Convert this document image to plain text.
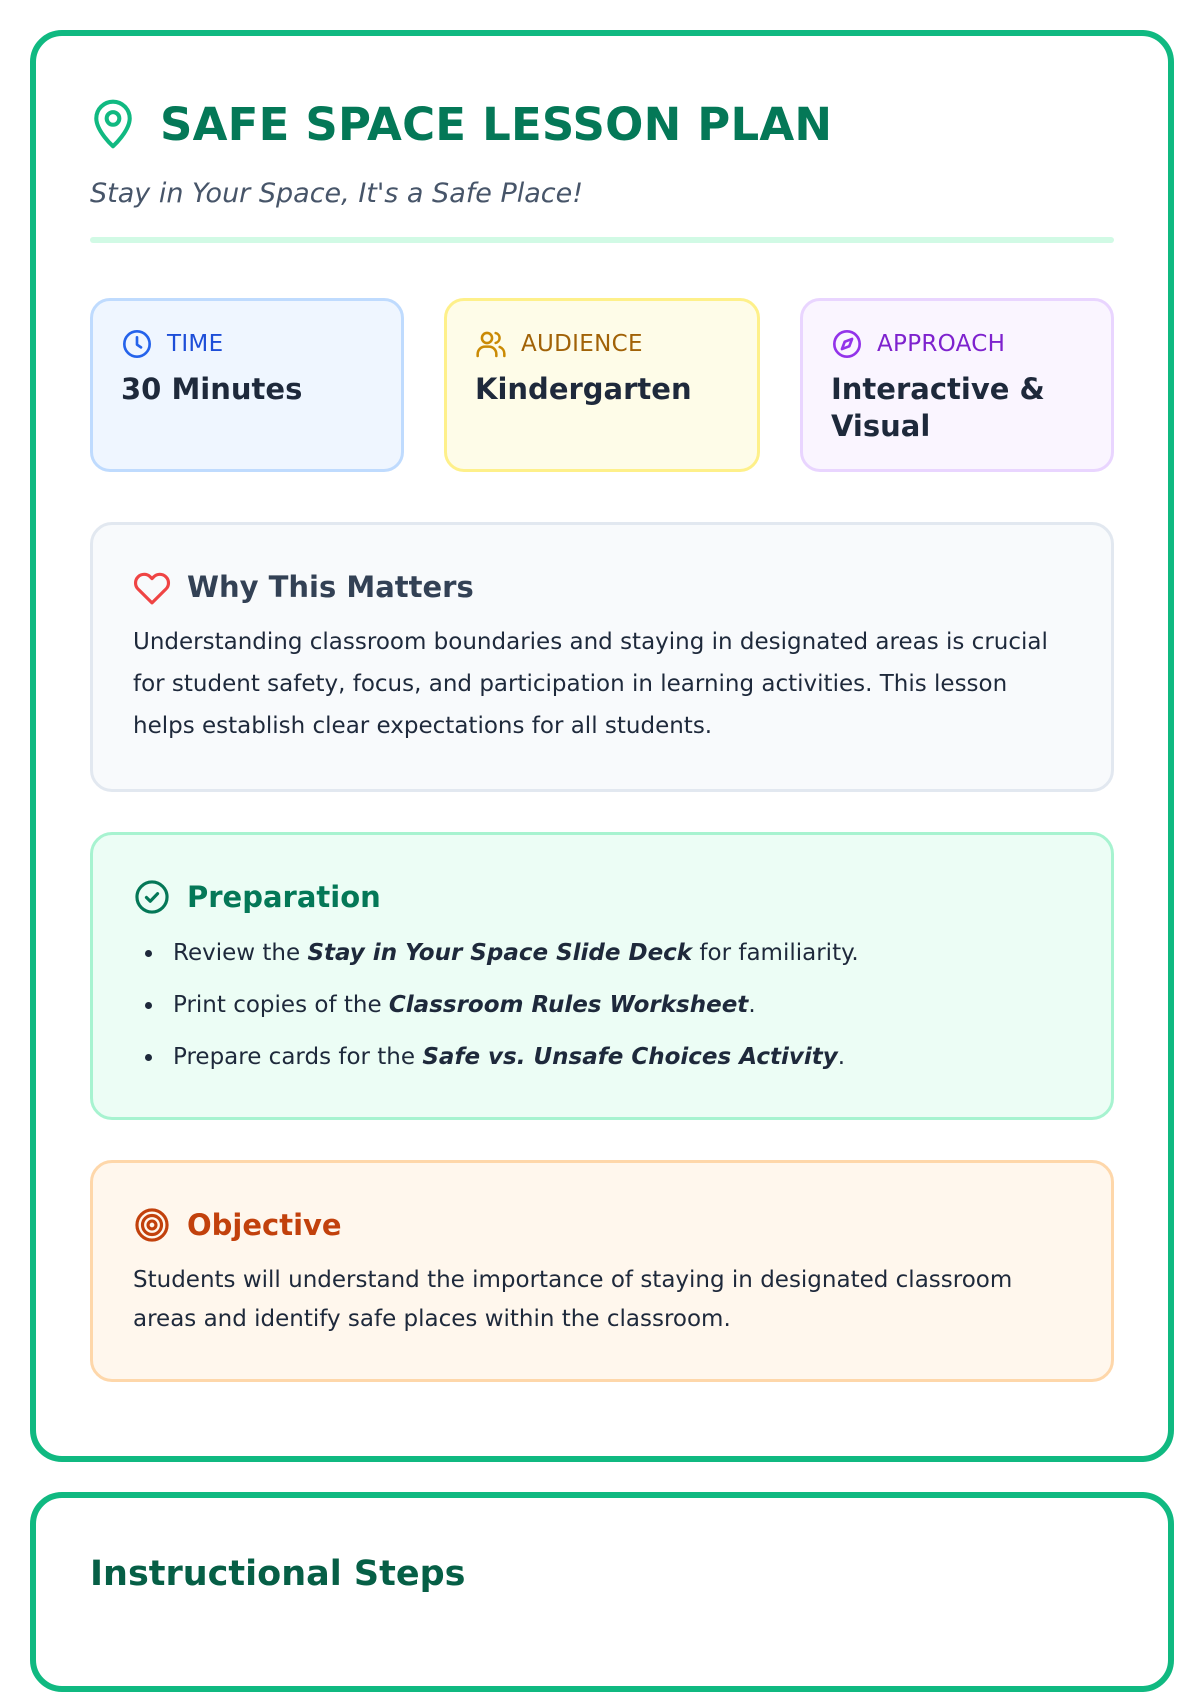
SAFE SPACE LESSON PLAN
Stay in Your Space, It's a Safe Place!
TIME
30 Minutes
AUDIENCE
Kindergarten
APPROACH
Interactive & Visual
Why This Matters

Understanding classroom boundaries and staying in designated areas is crucial for student safety, focus, and participation in learning activities. This lesson helps establish clear expectations for all students.

Preparation
Review the Stay in Your Space Slide Deck for familiarity.
Print copies of the Classroom Rules Worksheet.
Prepare cards for the Safe vs. Unsafe Choices Activity.
Objective

Students will understand the importance of staying in designated classroom areas and identify safe places within the classroom.

Instructional Steps
